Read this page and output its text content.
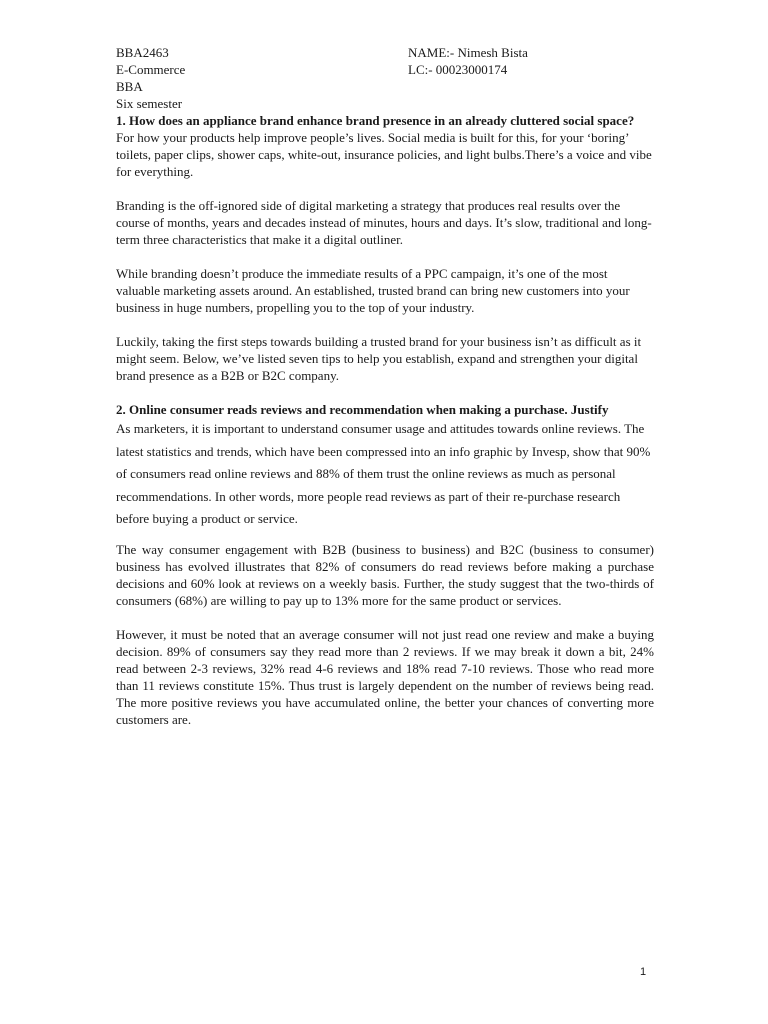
BBA2463	NAME:- Nimesh Bista
E-Commerce	LC:- 00023000174
BBA
Six semester

1. How does an appliance brand enhance brand presence in an already cluttered social space?

For how your products help improve people’s lives. Social media is built for this, for your ‘boring’ toilets, paper clips, shower caps, white-out, insurance policies, and light bulbs.There’s a voice and vibe for everything.

Branding is the off-ignored side of digital marketing a strategy that produces real results over the course of months, years and decades instead of minutes, hours and days. It’s slow, traditional and long-term three characteristics that make it a digital outliner.

While branding doesn’t produce the immediate results of a PPC campaign, it’s one of the most valuable marketing assets around. An established, trusted brand can bring new customers into your business in huge numbers, propelling you to the top of your industry.

Luckily, taking the first steps towards building a trusted brand for your business isn’t as difficult as it might seem. Below, we’ve listed seven tips to help you establish, expand and strengthen your digital brand presence as a B2B or B2C company.

2. Online consumer reads reviews and recommendation when making a purchase. Justify

As marketers, it is important to understand consumer usage and attitudes towards online reviews. The latest statistics and trends, which have been compressed into an info graphic by Invesp, show that 90% of consumers read online reviews and 88% of them trust the online reviews as much as personal recommendations. In other words, more people read reviews as part of their re-purchase research before buying a product or service.

The way consumer engagement with B2B (business to business) and B2C (business to consumer) business has evolved illustrates that 82% of consumers do read reviews before making a purchase decisions and 60% look at reviews on a weekly basis. Further, the study suggest that the two-thirds of consumers (68%) are willing to pay up to 13% more for the same product or services.

However, it must be noted that an average consumer will not just read one review and make a buying decision. 89% of consumers say they read more than 2 reviews. If we may break it down a bit, 24% read between 2-3 reviews, 32% read 4-6 reviews and 18% read 7-10 reviews. Those who read more than 11 reviews constitute 15%. Thus trust is largely dependent on the number of reviews being read. The more positive reviews you have accumulated online, the better your chances of converting more customers are.

1
